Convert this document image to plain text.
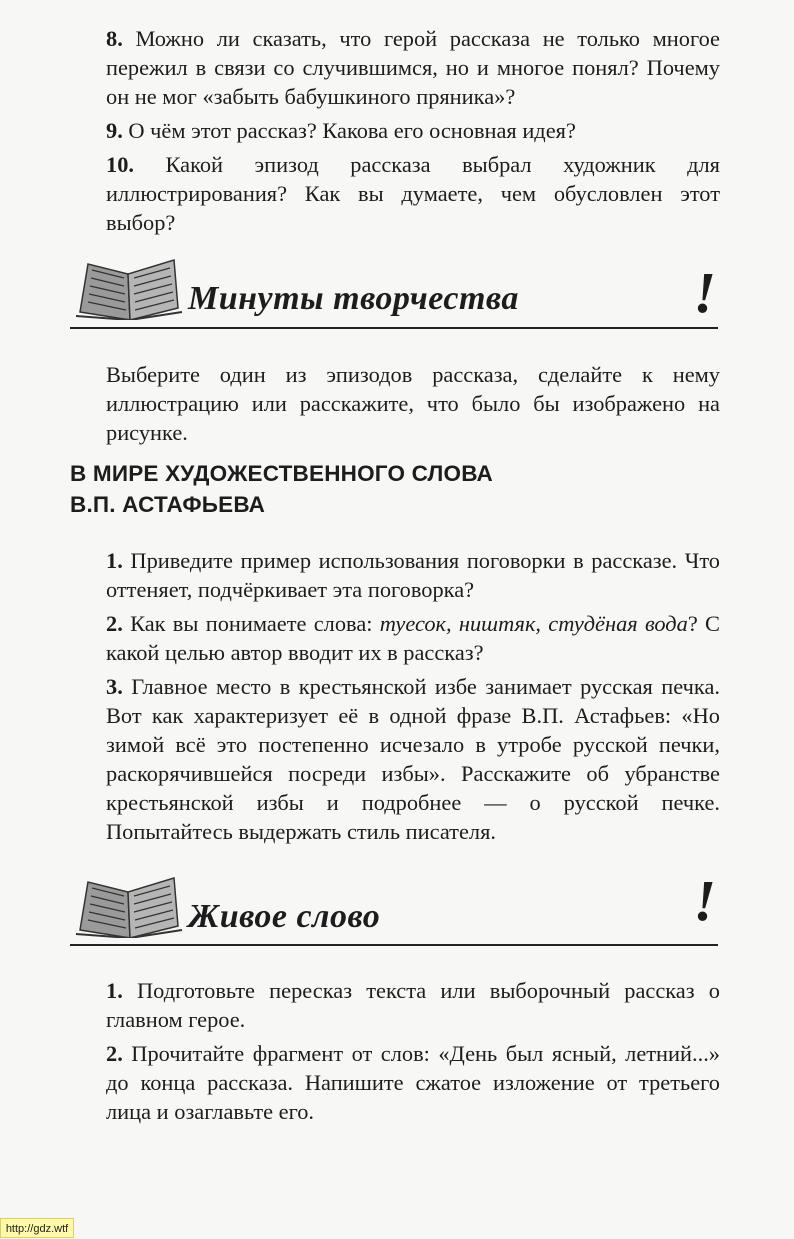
8. Можно ли сказать, что герой рассказа не только многое пережил в связи со случившимся, но и многое понял? Почему он не мог «забыть бабушкиного пряника»?

9. О чём этот рассказ? Какова его основная идея?

10. Какой эпизод рассказа выбрал художник для иллюстрирования? Как вы думаете, чем обусловлен этот выбор?

Минуты творчества	!

Выберите один из эпизодов рассказа, сделайте к нему иллюстрацию или расскажите, что было бы изображено на рисунке.

В МИРЕ ХУДОЖЕСТВЕННОГО СЛОВА
В.П. АСТАФЬЕВА

1. Приведите пример использования поговорки в рассказе. Что оттеняет, подчёркивает эта поговорка?

2. Как вы понимаете слова: туесок, ништяк, студёная вода? С какой целью автор вводит их в рассказ?

3. Главное место в крестьянской избе занимает русская печка. Вот как характеризует её в одной фразе В.П. Астафьев: «Но зимой всё это постепенно исчезало в утробе русской печки, раскорячившейся посреди избы». Расскажите об убранстве крестьянской избы и подробнее — о русской печке. Попытайтесь выдержать стиль писателя.

Живое слово	!

1. Подготовьте пересказ текста или выборочный рассказ о главном герое.

2. Прочитайте фрагмент от слов: «День был ясный, летний...» до конца рассказа. Напишите сжатое изложение от третьего лица и озаглавьте его.

http://gdz.wtf
